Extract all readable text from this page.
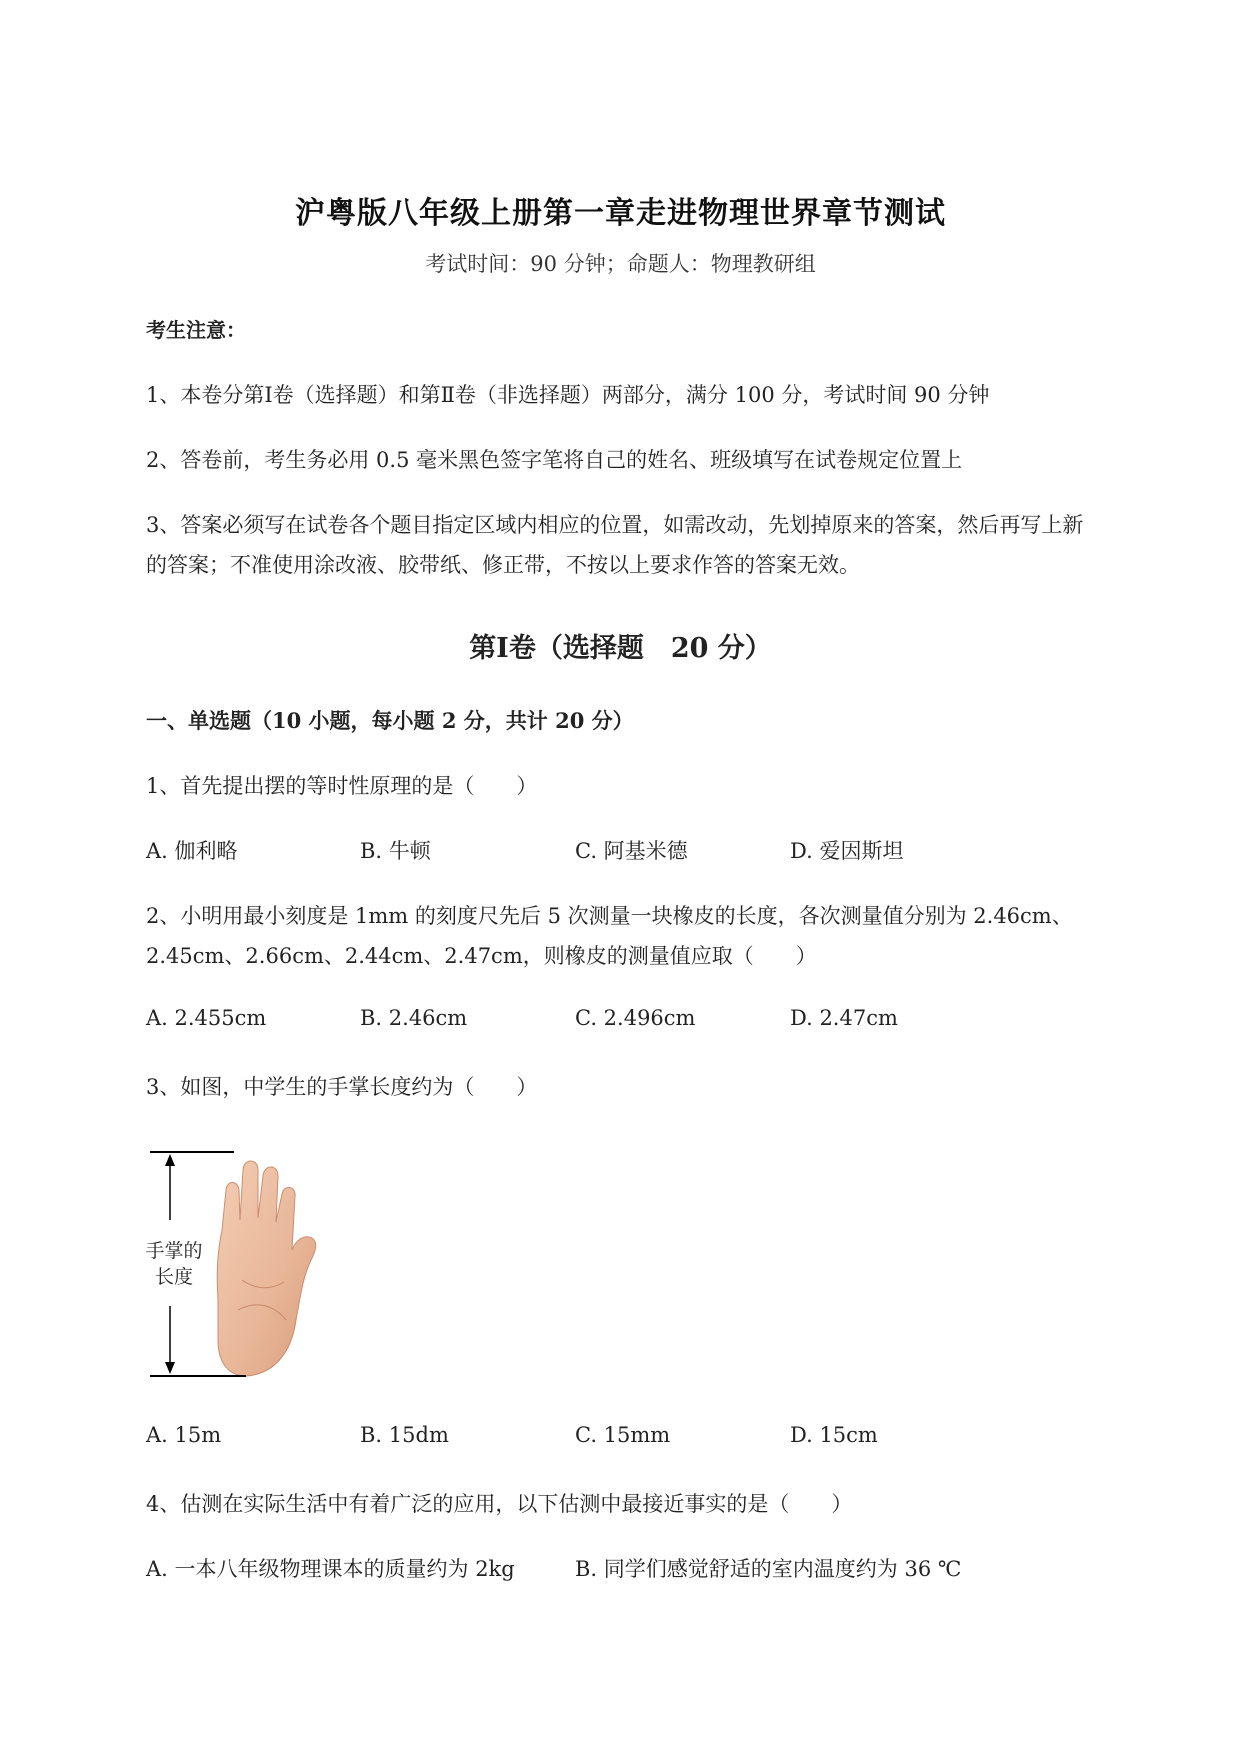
沪粤版八年级上册第一章走进物理世界章节测试
考试时间：90 分钟；命题人：物理教研组
考生注意：
1、本卷分第Ⅰ卷（选择题）和第Ⅱ卷（非选择题）两部分，满分 100 分，考试时间 90 分钟
2、答卷前，考生务必用 0.5 毫米黑色签字笔将自己的姓名、班级填写在试卷规定位置上
3、答案必须写在试卷各个题目指定区域内相应的位置，如需改动，先划掉原来的答案，然后再写上新
的答案；不准使用涂改液、胶带纸、修正带，不按以上要求作答的答案无效。
第Ⅰ卷（选择题　20 分）
一、单选题（10 小题，每小题 2 分，共计 20 分）
1、首先提出摆的等时性原理的是（　　）
A. 伽利略	B. 牛顿	C. 阿基米德	D. 爱因斯坦
2、小明用最小刻度是 1mm 的刻度尺先后 5 次测量一块橡皮的长度，各次测量值分别为 2.46cm、
2.45cm、2.66cm、2.44cm、2.47cm，则橡皮的测量值应取（　　）
A. 2.455cm	B. 2.46cm	C. 2.496cm	D. 2.47cm
3、如图，中学生的手掌长度约为（　　）
手掌的
长度
A. 15m	B. 15dm	C. 15mm	D. 15cm
4、估测在实际生活中有着广泛的应用，以下估测中最接近事实的是（　　）
A. 一本八年级物理课本的质量约为 2kg	B. 同学们感觉舒适的室内温度约为 36 ℃
